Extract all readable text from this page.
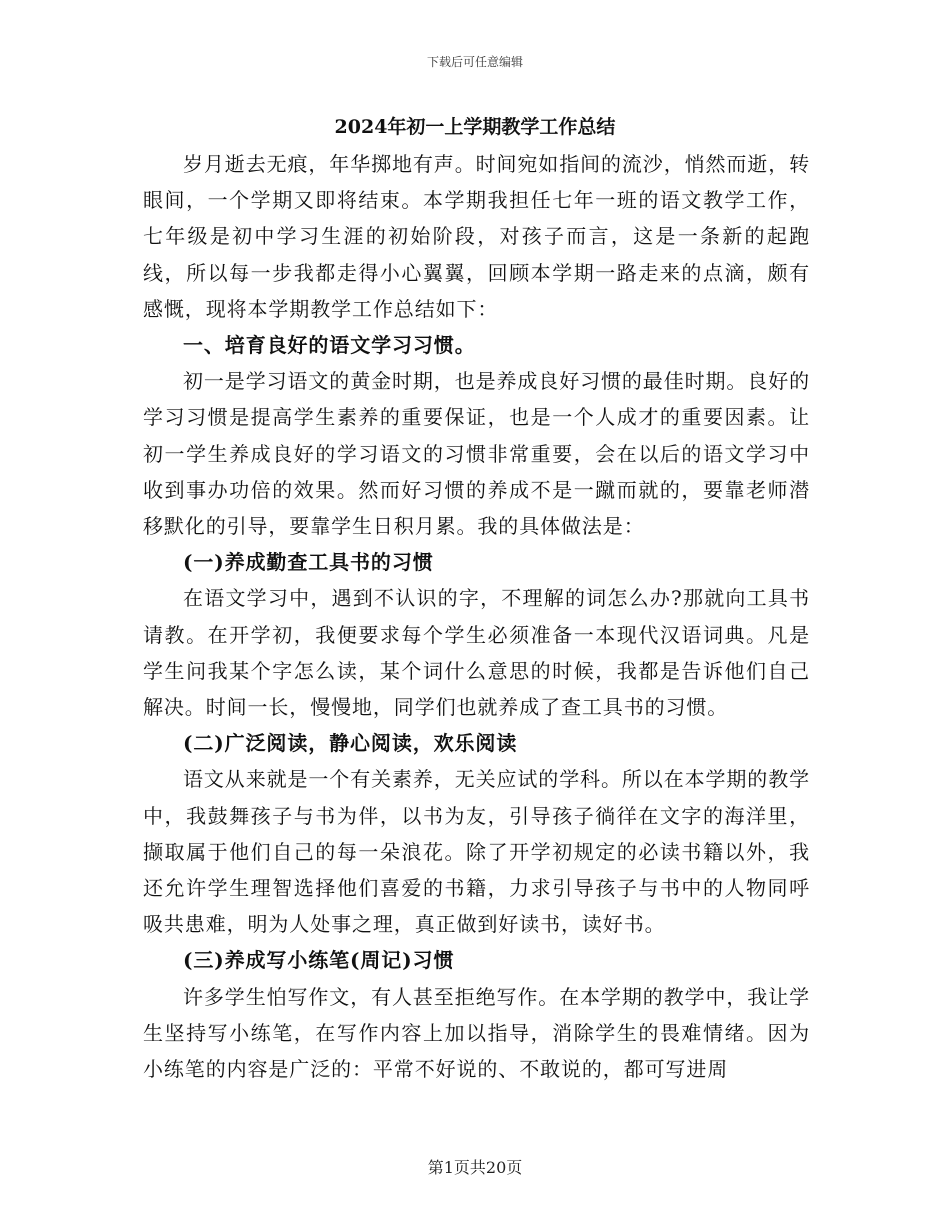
下载后可任意编辑
2024年初一上学期教学工作总结

岁月逝去无痕，年华掷地有声。时间宛如指间的流沙，悄然而逝，转眼间，一个学期又即将结束。本学期我担任七年一班的语文教学工作，七年级是初中学习生涯的初始阶段，对孩子而言，这是一条新的起跑线，所以每一步我都走得小心翼翼，回顾本学期一路走来的点滴，颇有感慨，现将本学期教学工作总结如下：

一、培育良好的语文学习习惯。

初一是学习语文的黄金时期，也是养成良好习惯的最佳时期。良好的学习习惯是提高学生素养的重要保证，也是一个人成才的重要因素。让初一学生养成良好的学习语文的习惯非常重要，会在以后的语文学习中收到事办功倍的效果。然而好习惯的养成不是一蹴而就的，要靠老师潜移默化的引导，要靠学生日积月累。我的具体做法是：

(一)养成勤查工具书的习惯

在语文学习中，遇到不认识的字，不理解的词怎么办?那就向工具书请教。在开学初，我便要求每个学生必须准备一本现代汉语词典。凡是学生问我某个字怎么读，某个词什么意思的时候，我都是告诉他们自己解决。时间一长，慢慢地，同学们也就养成了查工具书的习惯。

(二)广泛阅读，静心阅读，欢乐阅读

语文从来就是一个有关素养，无关应试的学科。所以在本学期的教学中，我鼓舞孩子与书为伴，以书为友，引导孩子徜徉在文字的海洋里，撷取属于他们自己的每一朵浪花。除了开学初规定的必读书籍以外，我还允许学生理智选择他们喜爱的书籍，力求引导孩子与书中的人物同呼吸共患难，明为人处事之理，真正做到好读书，读好书。

(三)养成写小练笔(周记)习惯

许多学生怕写作文，有人甚至拒绝写作。在本学期的教学中，我让学生坚持写小练笔，在写作内容上加以指导，消除学生的畏难情绪。因为小练笔的内容是广泛的：平常不好说的、不敢说的，都可写进周

第1页共20页
